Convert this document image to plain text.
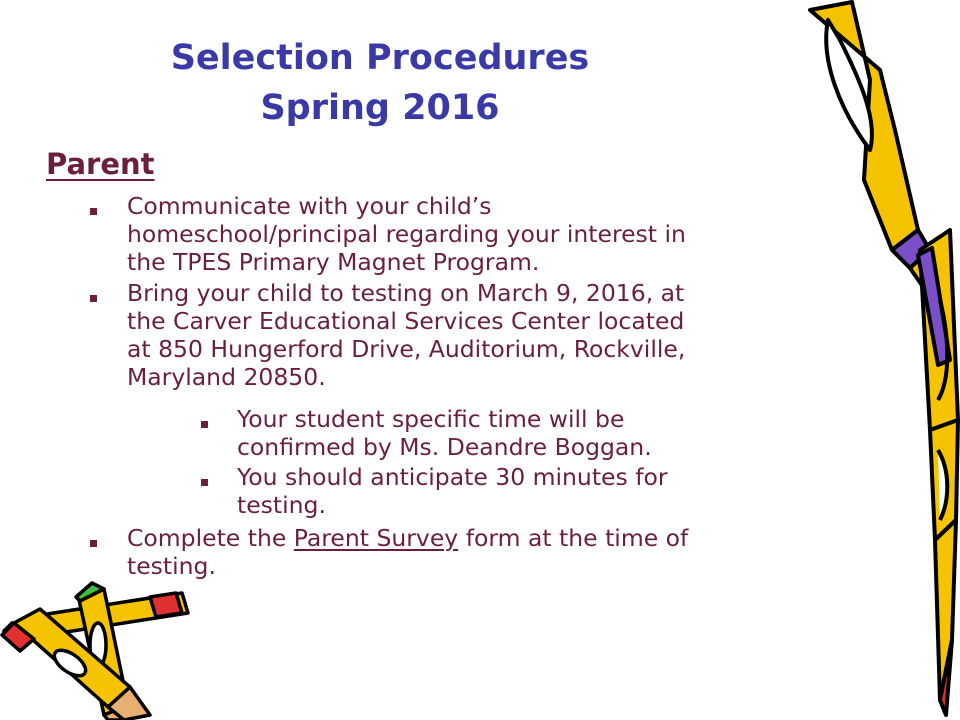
Selection Procedures
Spring 2016
Parent
Communicate with your child’s
homeschool/principal regarding your interest in
the TPES Primary Magnet Program.
Bring your child to testing on March 9, 2016, at
the Carver Educational Services Center located
at 850 Hungerford Drive, Auditorium, Rockville,
Maryland 20850.
Your student specific time will be
confirmed by Ms. Deandre Boggan.
You should anticipate 30 minutes for
testing.
Complete the Parent Survey form at the time of
testing.
